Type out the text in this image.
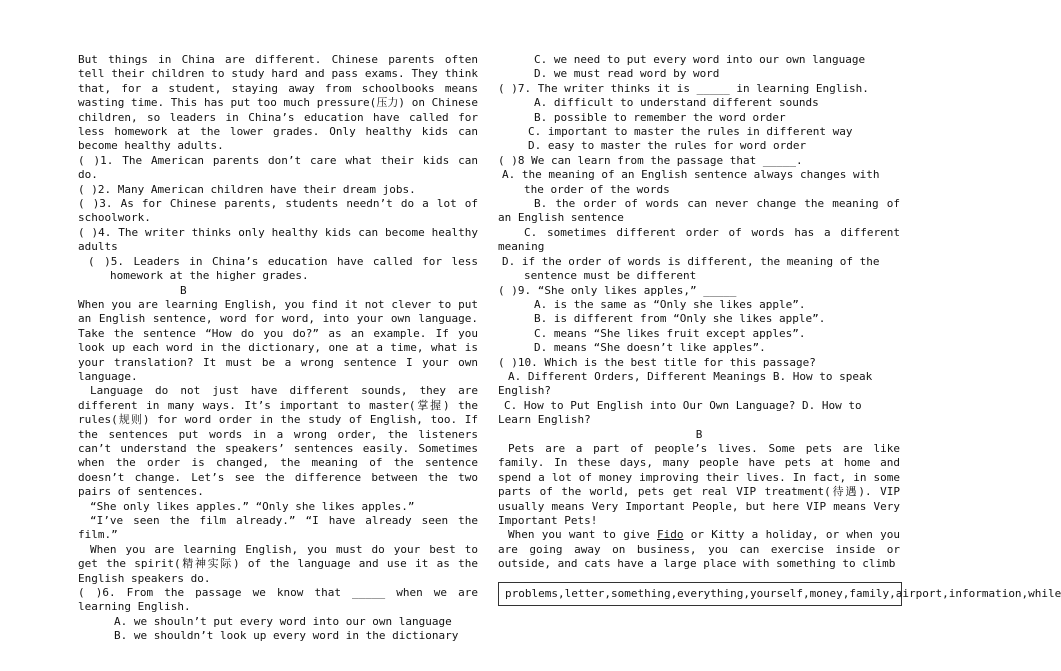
But things in China are different. Chinese parents often tell their children to study hard and pass exams. They think that, for a student, staying away from schoolbooks means wasting time. This has put too much pressure(压力) on Chinese children, so leaders in China’s education have called for less homework at the lower grades. Only healthy kids can become healthy adults.

( )1. The American parents don’t care what their kids can do.

( )2. Many American children have their dream jobs.

( )3. As for Chinese parents, students needn’t do a lot of schoolwork.

( )4. The writer thinks only healthy kids can become healthy adults

( )5. Leaders in China’s education have called for less homework at the higher grades.

B

When you are learning English, you find it not clever to put an English sentence, word for word, into your own language. Take the sentence “How do you do?” as an example. If you look up each word in the dictionary, one at a time, what is your translation? It must be a wrong sentence I your own language.

Language do not just have different sounds, they are different in many ways. It’s important to master(掌握) the rules(规则) for word order in the study of English, too. If the sentences put words in a wrong order, the listeners can’t understand the speakers’ sentences easily. Sometimes when the order is changed, the meaning of the sentence doesn’t change. Let’s see the difference between the two pairs of sentences.

“She only likes apples.” “Only she likes apples.”

“I’ve seen the film already.” “I have already seen the film.”

When you are learning English, you must do your best to get the spirit(精神实际) of the language and use it as the English speakers do.

( )6. From the passage we know that _____ when we are learning English.

A. we shouln’t put every word into our own language

B. we shouldn’t look up every word in the dictionary

C. we need to put every word into our own language

D. we must read word by word

( )7. The writer thinks it is _____ in learning English.

A. difficult to understand different sounds

B. possible to remember the word order

C. important to master the rules in different way

D. easy to master the rules for word order

( )8 We can learn from the passage that _____.

A. the meaning of an English sentence always changes with the order of the words

B. the order of words can never change the meaning of an English sentence

C. sometimes different order of words has a different meaning

D. if the order of words is different, the meaning of the sentence must be different

( )9. “She only likes apples,” _____

A. is the same as “Only she likes apple”.

B. is different from “Only she likes apple”.

C. means “She likes fruit except apples”.

D. means “She doesn’t like apples”.

( )10. Which is the best title for this passage?

A. Different Orders, Different Meanings B. How to speak English?

C. How to Put English into Our Own Language? D. How to Learn English?

B

Pets are a part of people’s lives. Some pets are like family. In these days, many people have pets at home and spend a lot of money improving their lives. In fact, in some parts of the world, pets get real VIP treatment(待遇). VIP usually means Very Important People, but here VIP means Very Important Pets!

When you want to give Fido or Kitty a holiday, or when you are going away on business, you can exercise inside or outside, and cats have a large place with something to climb

problems,letter,something,everything,yourself,money,family,airport,information,while
